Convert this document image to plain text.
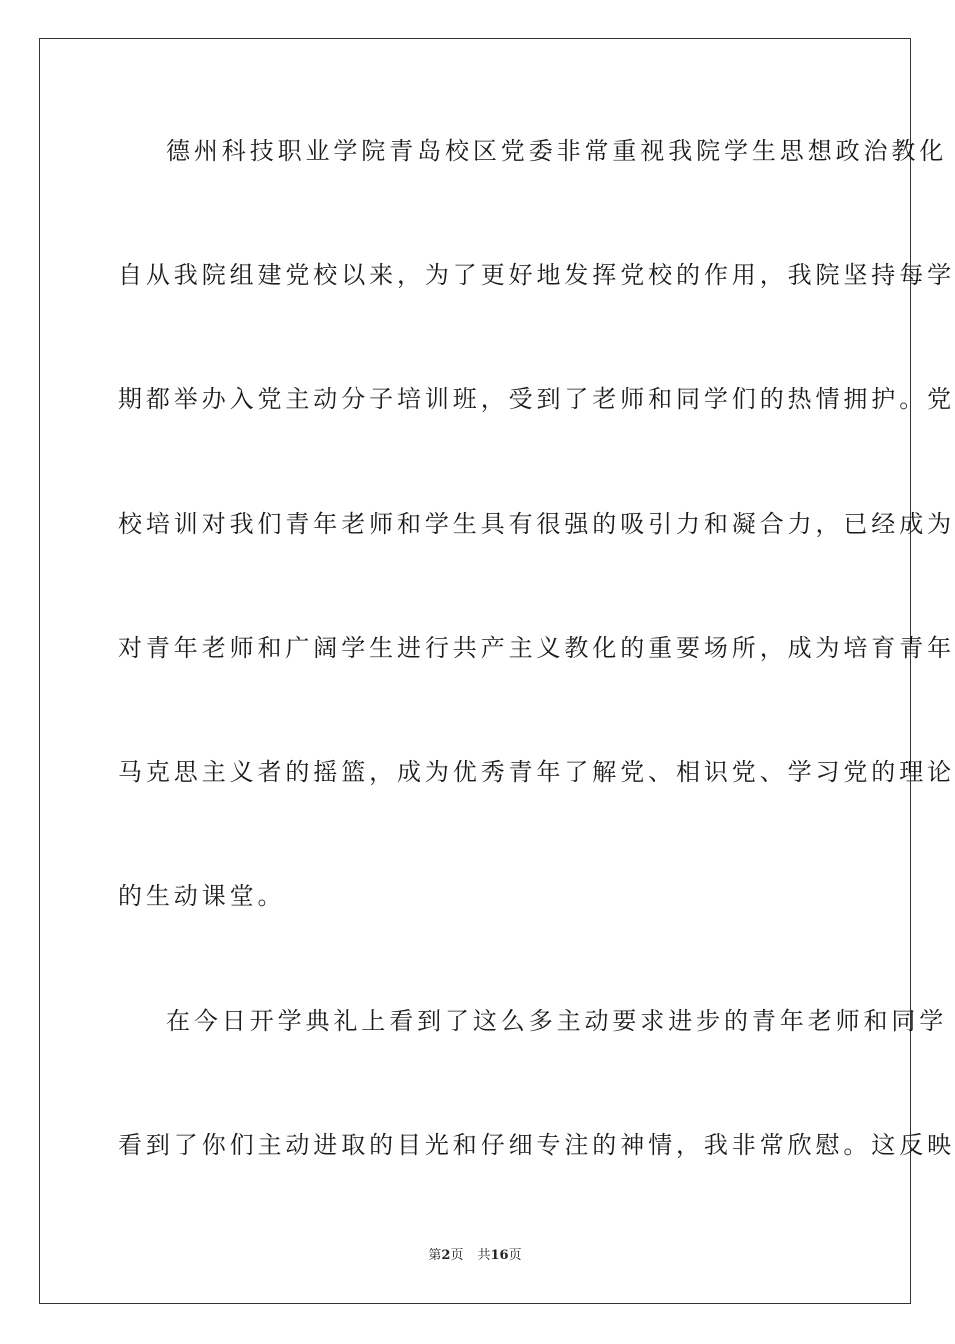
德州科技职业学院青岛校区党委非常重视我院学生思想政治教化
自从我院组建党校以来，为了更好地发挥党校的作用，我院坚持每学
期都举办入党主动分子培训班，受到了老师和同学们的热情拥护。党
校培训对我们青年老师和学生具有很强的吸引力和凝合力，已经成为
对青年老师和广阔学生进行共产主义教化的重要场所，成为培育青年
马克思主义者的摇篮，成为优秀青年了解党、相识党、学习党的理论
的生动课堂。
在今日开学典礼上看到了这么多主动要求进步的青年老师和同学
看到了你们主动进取的目光和仔细专注的神情，我非常欣慰。这反映
第2页 共16页
